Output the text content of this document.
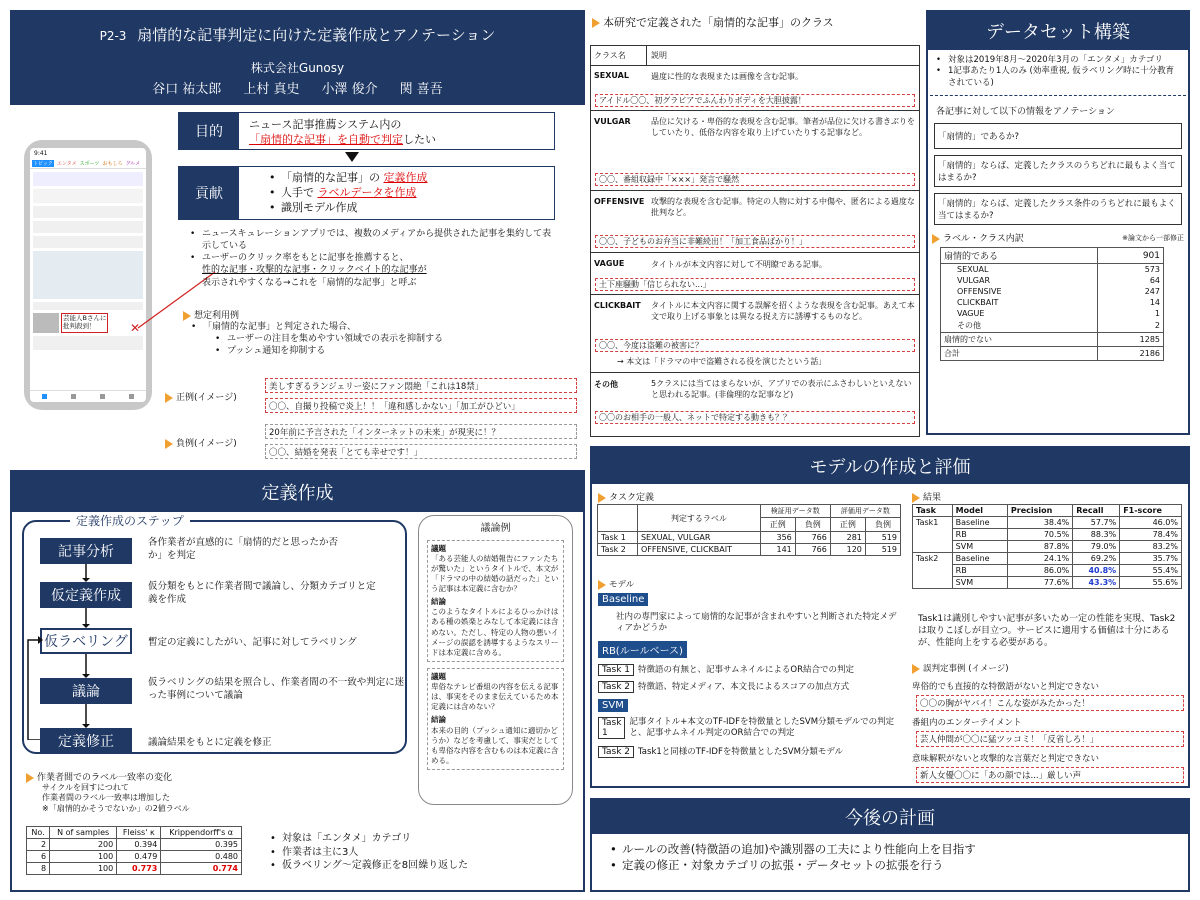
P2-3 扇情的な記事判定に向けた定義作成とアノテーション
株式会社Gunosy
谷口 祐太郎 上村 真史 小澤 俊介 関 喜吾
9:41
トピック エンタメ スポーツ おもしろ グルメ
芸能人Bさんに
批判殺到！	✕
目的	ニュース記事推薦システム内の
「扇情的な記事」を自動で判定したい
貢献
• 「扇情的な記事」の 定義作成
• 人手で ラベルデータを作成
• 識別モデル作成
• ニュースキュレーションアプリでは、複数のメディアから提供された記事を集約して表示している
• ユーザーのクリック率をもとに記事を推薦すると、
性的な記事・攻撃的な記事・クリックベイト的な記事が
表示されやすくなる→これを「扇情的な記事」と呼ぶ
想定利用例
• 「扇情的な記事」と判定された場合、
• ユーザーの注目を集めやすい領域での表示を抑制する
• プッシュ通知を抑制する
正例(イメージ)
美しすぎるランジェリー姿にファン悶絶「これは18禁」
〇〇、自撮り投稿で炎上！！「違和感しかない」「加工がひどい」
負例(イメージ)
20年前に予言された「インターネットの未来」が現実に！？
〇〇、結婚を発表「とても幸せです！」
定義作成
定義作成のステップ
記事分析
各作業者が直感的に「扇情的だと思ったか否か」を判定
仮定義作成
仮分類をもとに作業者間で議論し、分類カテゴリと定義を作成
仮ラベリング	暫定の定義にしたがい、記事に対してラベリング
議論
仮ラベリングの結果を照合し、作業者間の不一致や判定に迷った事例について議論
定義修正	議論結果をもとに定義を修正
議論例
議題
「ある芸能人の結婚報告にファンたちが驚いた」というタイトルで、本文が「ドラマの中の結婚の話だった」という記事は本定義に含むか？
結論
このようなタイトルによるひっかけはある種の娯楽とみなして本定義には含めない。ただし、特定の人物の悪いイメージの誤認を誘導するようなスリードは本定義に含める。
議題
卑俗なテレビ番組の内容を伝える記事は、事実をそのまま伝えているため本定義には含めない？
結論
本来の目的（プッシュ通知に適切かどうか）などを考慮して、事実だとしても卑俗な内容を含むものは本定義に含める。
作業者間でのラベル一致率の変化
サイクルを回すにつれて
作業者間のラベル一致率は増加した
※「扇情的かそうでないか」の2値ラベル
No.	N of samples	Fleiss' κ	Krippendorff's α
2	200	0.394	0.395
6	100	0.479	0.480
8	100	0.773	0.774
• 対象は「エンタメ」カテゴリ
• 作業者は主に3人
• 仮ラベリング～定義修正を8回繰り返した
本研究で定義された「扇情的な記事」のクラス
クラス名	説明
SEXUAL	過度に性的な表現または画像を含む記事。
アイドル〇〇、初グラビアでふんわりボディを大胆披露！
VULGAR	品位に欠ける・卑俗的な表現を含む記事。筆者が品位に欠ける書きぶりをしていたり、低俗な内容を取り上げていたりする記事など。
〇〇、番組収録中「×××」発言で騒然
OFFENSIVE 攻撃的な表現を含む記事。特定の人物に対する中傷や、匿名による過度な批判など。
〇〇、子どものお弁当に非難続出！「加工食品ばかり！」
VAGUE	タイトルが本文内容に対して不明瞭である記事。
土下座騒動「信じられない...」
CLICKBAIT タイトルに本文内容に関する誤解を招くような表現を含む記事。あえて本文で取り上げる事象とは異なる捉え方に誘導するものなど。
〇〇、今度は盗難の被害に？
→ 本文は「ドラマの中で盗難される役を演じたという話」
その他	5クラスには当てはまらないが、アプリでの表示にふさわしいといえないと思われる記事。(非倫理的な記事など)
〇〇のお相手の一般人、ネットで特定する動きも？？
データセット構築
• 対象は2019年8月～2020年3月の「エンタメ」カテゴリ
• 1記事あたり1人のみ (効率重視, 仮ラベリング時に十分教育されている)
各記事に対して以下の情報をアノテーション
「扇情的」であるか?
「扇情的」ならば、定義したクラスのうちどれに最もよく当てはまるか?
「扇情的」ならば、定義したクラス条件のうちどれに最もよく当てはまるか?
ラベル・クラス内訳	※論文から一部修正
扇情的である	901
SEXUAL	573
VULGAR	64
OFFENSIVE	247
CLICKBAIT	14
VAGUE	1
その他	2
扇情的でない	1285
合計	2186
モデルの作成と評価
タスク定義
	判定するラベル	検証用データ数		評価用データ数	
		正例	負例	正例	負例
Task 1	SEXUAL, VULGAR	356	766	281	519
Task 2	OFFENSIVE, CLICKBAIT	141	766	120	519
モデル
Baseline
社内の専門家によって扇情的な記事が含まれやすいと判断された特定メディアかどうか
RB(ルールベース)
Task 1 特徴語の有無と、記事サムネイルによるOR結合での判定
Task 2 特徴語、特定メディア、本文長によるスコアの加点方式
SVM
Task 1
記事タイトル+本文のTF-IDFを特徴量としたSVM分類モデルでの判定と、記事サムネイル判定のOR結合での判定
Task 2 Task1と同様のTF-IDFを特徴量としたSVM分類モデル
結果
Task	Model	Precision	Recall	F1-score
Task1	Baseline	38.4%	57.7%	46.0%
	RB	70.5%	88.3%	78.4%
	SVM	87.8%	79.0%	83.2%
Task2	Baseline	24.1%	69.2%	35.7%
	RB	86.0%	40.8%	55.4%
	SVM	77.6%	43.3%	55.6%
Task1は識別しやすい記事が多いため一定の性能を実現、Task2は取りこぼしが目立つ。サービスに適用する価値は十分にあるが、性能向上をする必要がある。
誤判定事例 (イメージ)
卑俗的でも直接的な特徴語がないと判定できない
〇〇の胸がヤバイ！こんな姿がみたかった！
番組内のエンターテイメント
芸人仲間が〇〇に猛ツッコミ！「反省しろ！」
意味解釈がないと攻撃的な言葉だと判定できない
新人女優〇〇に「あの顔では...」厳しい声
今後の計画
• ルールの改善(特徴語の追加)や識別器の工夫により性能向上を目指す
• 定義の修正・対象カテゴリの拡張・データセットの拡張を行う
